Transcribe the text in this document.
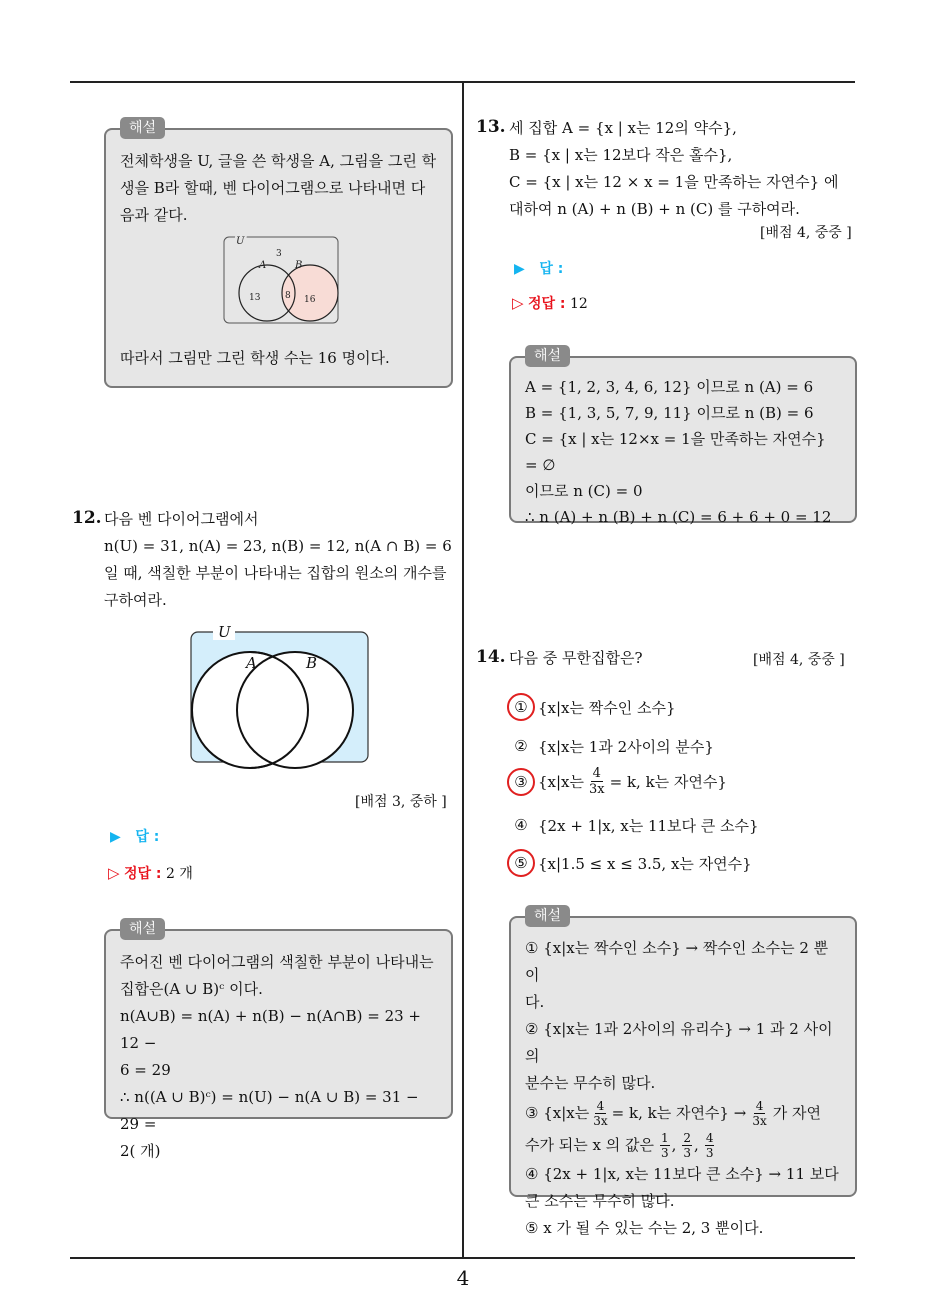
4
해설

전체학생을 U, 글을 쓴 학생을 A, 그림을 그린 학

생을 B라 할때, 벤 다이어그램으로 나타내면 다

음과 같다.

U
A	B
3
13	8 16

따라서 그림만 그린 학생 수는 16 명이다.

12. 다음 벤 다이어그램에서

n(U) = 31, n(A) = 23, n(B) = 12, n(A ∩ B) = 6

일 때, 색칠한 부분이 나타내는 집합의 원소의 개수를

구하여라.

U
A	B
[배점 3, 중하 ]
▶ 답 :
▷ 정답 : 2 개
해설

주어진 벤 다이어그램의 색칠한 부분이 나타내는

집합은(A ∪ B)ᶜ 이다.

n(A∪B) = n(A) + n(B) − n(A∩B) = 23 + 12 −

6 = 29

∴ n((A ∪ B)ᶜ) = n(U) − n(A ∪ B) = 31 − 29 =

2( 개)

13. 세 집합 A = {x | x는 12의 약수},

B = {x | x는 12보다 작은 홀수},

C = {x | x는 12 × x = 1을 만족하는 자연수} 에

대하여 n (A) + n (B) + n (C) 를 구하여라.

[배점 4, 중중 ]
▶ 답 :
▷ 정답 : 12
해설

A = {1, 2, 3, 4, 6, 12} 이므로 n (A) = 6

B = {1, 3, 5, 7, 9, 11} 이므로 n (B) = 6

C = {x | x는 12×x = 1을 만족하는 자연수} = ∅

이므로 n (C) = 0

∴ n (A) + n (B) + n (C) = 6 + 6 + 0 = 12

14. 다음 중 무한집합은?	[배점 4, 중중 ]
① {x|x는 짝수인 소수}
② {x|x는 1과 2사이의 분수}
③ {x|x는 $\frac{4}{3x} = k$, k는 자연수}
④ {2x + 1|x, x는 11보다 큰 소수}
⑤ {x|1.5 ≤ x ≤ 3.5, x는 자연수}
해설

① {x|x는 짝수인 소수} → 짝수인 소수는 2 뿐이

다.

② {x|x는 1과 2사이의 유리수} → 1 과 2 사이의

분수는 무수히 많다.

③ {x|x는 $\frac{4}{3x} = k$, k는 자연수} → $\frac{4}{3x}$ 가 자연

수가 되는 x 의 값은 $\frac{1}{3}$ , $\frac{2}{3}$ , $\frac{4}{3}$

④ {2x + 1|x, x는 11보다 큰 소수} → 11 보다

큰 소수는 무수히 많다.

⑤ x 가 될 수 있는 수는 2, 3 뿐이다.
